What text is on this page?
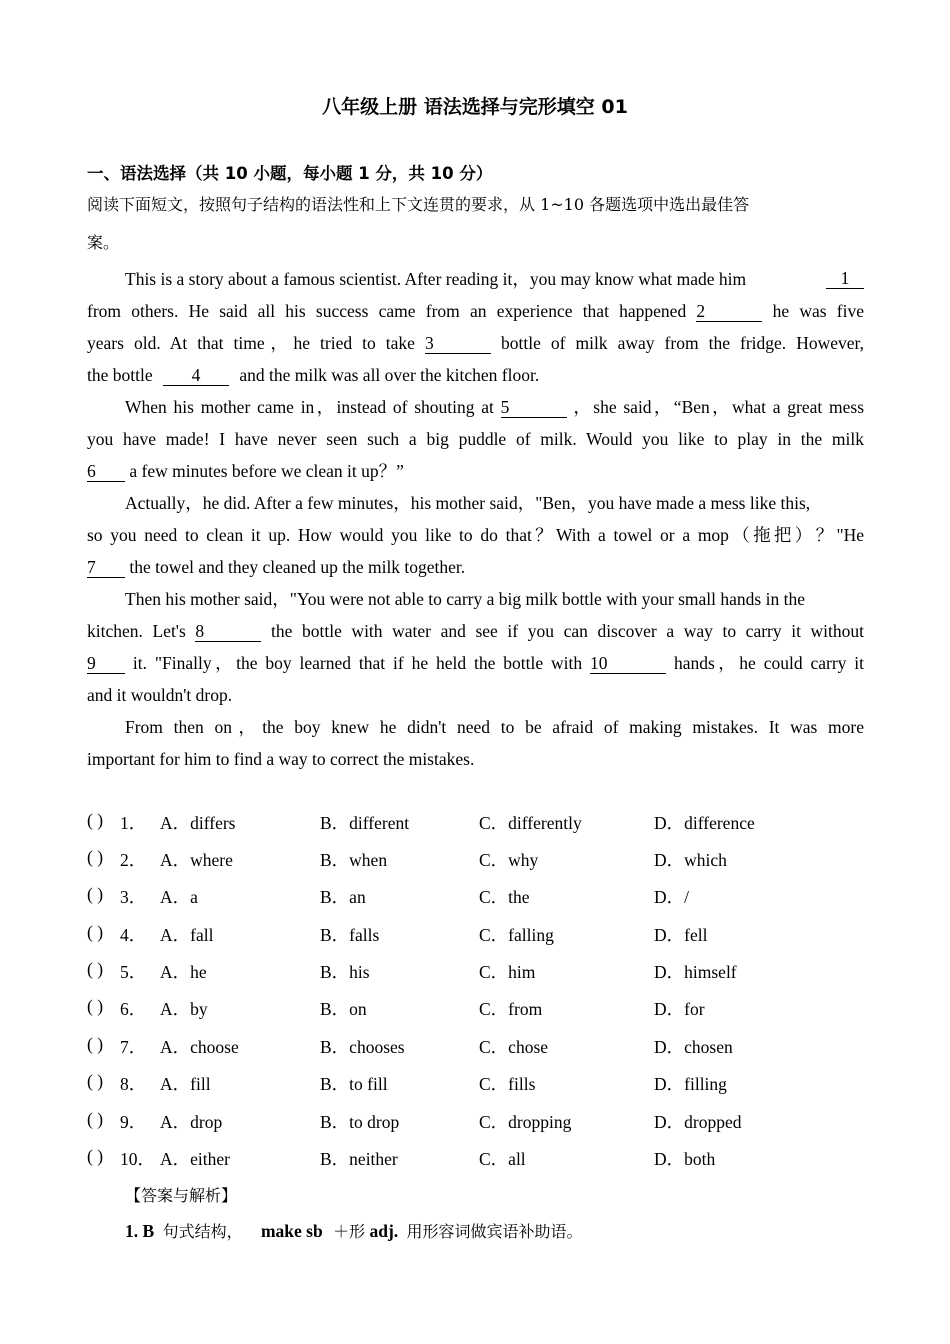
八年级上册 语法选择与完形填空 01
一、语法选择（共 10 小题，每小题 1 分，共 10 分）
阅读下面短文，按照句子结构的语法性和上下文连贯的要求，从 1~10 各题选项中选出最佳答
案。
This is a story about a famous scientist. After reading it，you may know what made him	1
from others. He said all his success came from an experience that happened 2	he was five
years old. At that time，he tried to take 3	bottle of milk away from the fridge. However,
the bottle 4 and the milk was all over the kitchen floor.
When his mother came in，instead of shouting at 5	，she said，“Ben，what a great mess
you have made! I have never seen such a big puddle of milk. Would you like to play in the milk
6 a few minutes before we clean it up？”
Actually，he did. After a few minutes，his mother said，"Ben，you have made a mess like this,
so you need to clean it up. How would you like to do that？With a towel or a mop（拖把）？"He
7 the towel and they cleaned up the milk together.
Then his mother said，"You were not able to carry a big milk bottle with your small hands in the
kitchen. Let's 8	the bottle with water and see if you can discover a way to carry it without
9 it. "Finally，the boy learned that if he held the bottle with 10	hands，he could carry it
and it wouldn't drop.
From then on，the boy knew he didn't need to be afraid of making mistakes. It was more
important for him to find a way to correct the mistakes.
( ) 1． A．differs	B．different	C．differently	D．difference
( ) 2． A．where	B．when	C．why	D．which
( ) 3． A．a	B．an	C．the	D．/
( ) 4． A．fall	B．falls	C．falling	D．fell
( ) 5． A．he	B．his	C．him	D．himself
( ) 6． A．by	B．on	C．from	D．for
( ) 7． A．choose	B．chooses	C．chose	D．chosen
( ) 8． A．fill	B．to fill	C．fills	D．filling
( ) 9． A．drop	B．to drop	C．dropping	D．dropped
( ) 10． A．either	B．neither	C．all	D．both
【答案与解析】
1. B 句式结构， make sb ＋形 adj. 用形容词做宾语补助语。
